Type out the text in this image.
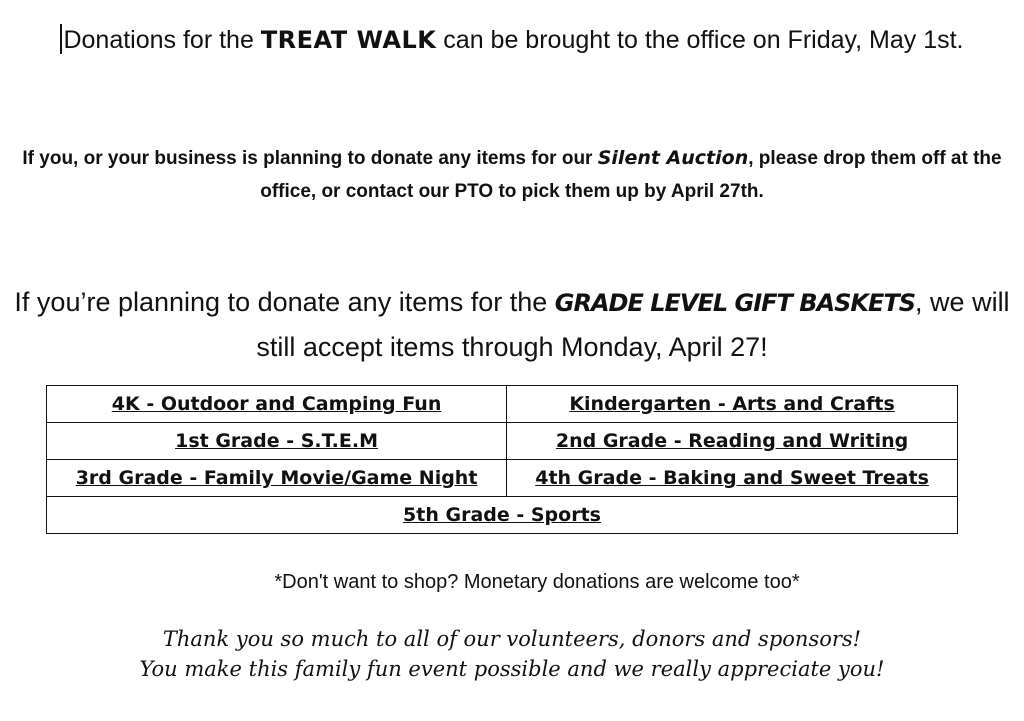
Donations for the TREAT WALK can be brought to the office on Friday, May 1st.
If you, or your business is planning to donate any items for our Silent Auction, please drop them off at the office, or contact our PTO to pick them up by April 27th.
If you’re planning to donate any items for the GRADE LEVEL GIFT BASKETS, we will still accept items through Monday, April 27!
4K - Outdoor and Camping Fun	Kindergarten - Arts and Crafts
1st Grade - S.T.E.M	2nd Grade - Reading and Writing
3rd Grade - Family Movie/Game Night	4th Grade - Baking and Sweet Treats
5th Grade - Sports	
*Don't want to shop? Monetary donations are welcome too*
Thank you so much to all of our volunteers, donors and sponsors!
You make this family fun event possible and we really appreciate you!
